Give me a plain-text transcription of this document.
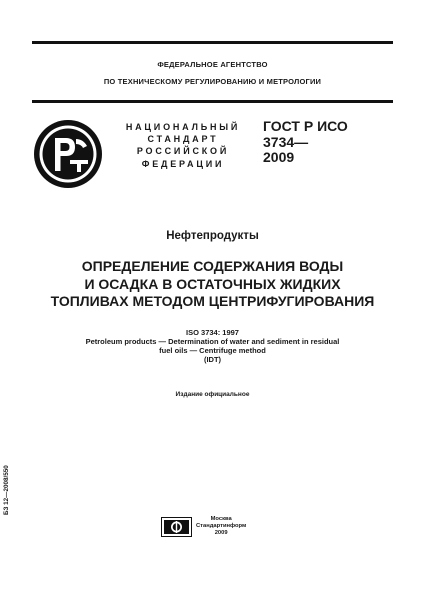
ФЕДЕРАЛЬНОЕ АГЕНТСТВО
ПО ТЕХНИЧЕСКОМУ РЕГУЛИРОВАНИЮ И МЕТРОЛОГИИ
НАЦИОНАЛЬНЫЙ
СТАНДАРТ
РОССИЙСКОЙ
ФЕДЕРАЦИИ
ГОСТ Р ИСО
3734—
2009
Нефтепродукты
ОПРЕДЕЛЕНИЕ СОДЕРЖАНИЯ ВОДЫ
И ОСАДКА В ОСТАТОЧНЫХ ЖИДКИХ
ТОПЛИВАХ МЕТОДОМ ЦЕНТРИФУГИРОВАНИЯ
ISO 3734: 1997
Petroleum products — Determination of water and sediment in residual
fuel oils — Centrifuge method
(IDT)
Издание официальное
БЗ 12—2008/550
Москва
Стандартинформ
2009
